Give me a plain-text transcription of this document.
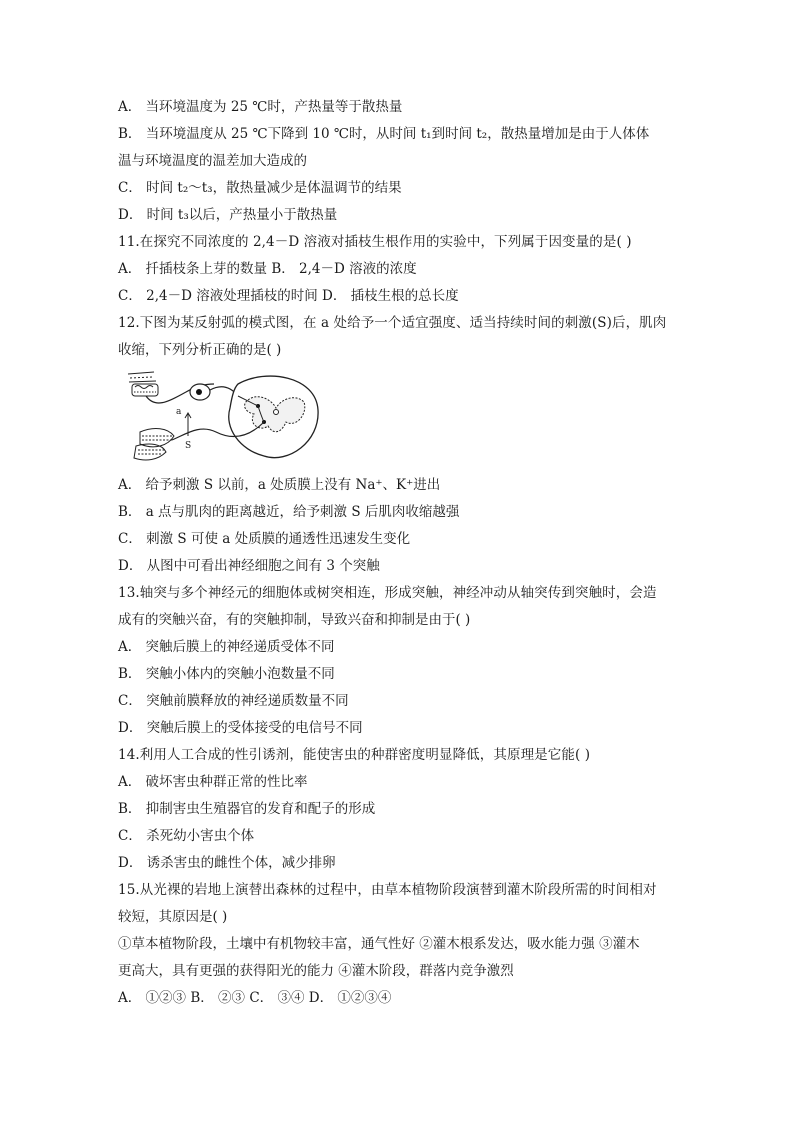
A． 当环境温度为 25 ℃时，产热量等于散热量
B． 当环境温度从 25 ℃下降到 10 ℃时，从时间 t₁到时间 t₂，散热量增加是由于人体体
温与环境温度的温差加大造成的
C． 时间 t₂～t₃，散热量减少是体温调节的结果
D． 时间 t₃以后，产热量小于散热量
11.在探究不同浓度的 2,4－D 溶液对插枝生根作用的实验中，下列属于因变量的是( )
A． 扦插枝条上芽的数量 B． 2,4－D 溶液的浓度
C． 2,4－D 溶液处理插枝的时间 D． 插枝生根的总长度
12.下图为某反射弧的模式图，在 a 处给予一个适宜强度、适当持续时间的刺激(S)后，肌肉
收缩，下列分析正确的是( )
a
S
A． 给予刺激 S 以前，a 处质膜上没有 Na⁺、K⁺进出
B． a 点与肌肉的距离越近，给予刺激 S 后肌肉收缩越强
C． 刺激 S 可使 a 处质膜的通透性迅速发生变化
D． 从图中可看出神经细胞之间有 3 个突触
13.轴突与多个神经元的细胞体或树突相连，形成突触，神经冲动从轴突传到突触时，会造
成有的突触兴奋，有的突触抑制，导致兴奋和抑制是由于( )
A． 突触后膜上的神经递质受体不同
B． 突触小体内的突触小泡数量不同
C． 突触前膜释放的神经递质数量不同
D． 突触后膜上的受体接受的电信号不同
14.利用人工合成的性引诱剂，能使害虫的种群密度明显降低，其原理是它能( )
A． 破坏害虫种群正常的性比率
B． 抑制害虫生殖器官的发育和配子的形成
C． 杀死幼小害虫个体
D． 诱杀害虫的雌性个体，减少排卵
15.从光裸的岩地上演替出森林的过程中，由草本植物阶段演替到灌木阶段所需的时间相对
较短，其原因是( )
①草本植物阶段，土壤中有机物较丰富，通气性好 ②灌木根系发达，吸水能力强 ③灌木
更高大，具有更强的获得阳光的能力 ④灌木阶段，群落内竞争激烈
A． ①②③ B． ②③ C． ③④ D． ①②③④
